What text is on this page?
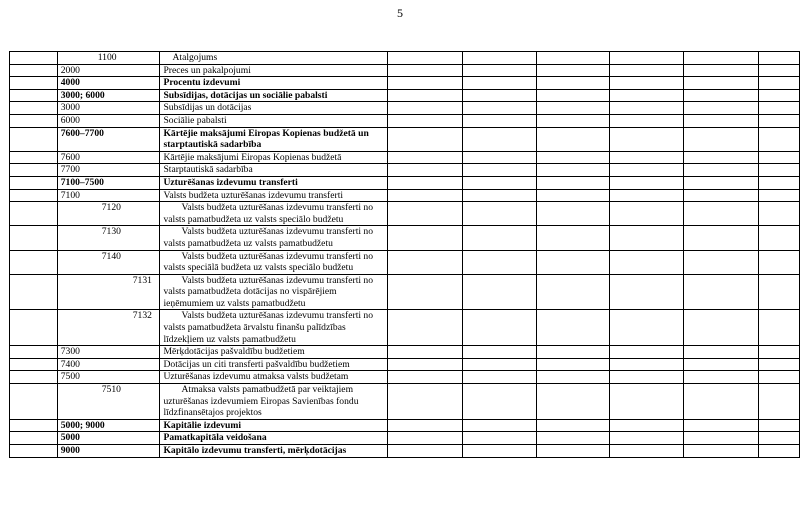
5
	1100	Atalgojums						
	2000	Preces un pakalpojumi						
	4000	Procentu izdevumi						
	3000; 6000	Subsīdijas, dotācijas un sociālie pabalsti						
	3000	Subsīdijas un dotācijas						
	6000	Sociālie pabalsti						
	7600–7700	Kārtējie maksājumi Eiropas Kopienas budžetā un starptautiskā sadarbība						
	7600	Kārtējie maksājumi Eiropas Kopienas budžetā						
	7700	Starptautiskā sadarbība						
	7100–7500	Uzturēšanas izdevumu transferti						
	7100	Valsts budžeta uzturēšanas izdevumu transferti						
	7120	Valsts budžeta uzturēšanas izdevumu transferti no valsts pamatbudžeta uz valsts speciālo budžetu						
	7130	Valsts budžeta uzturēšanas izdevumu transferti no valsts pamatbudžeta uz valsts pamatbudžetu						
	7140	Valsts budžeta uzturēšanas izdevumu transferti no valsts speciālā budžeta uz valsts speciālo budžetu						
	7131	Valsts budžeta uzturēšanas izdevumu transferti no valsts pamatbudžeta dotācijas no vispārējiem ieņēmumiem uz valsts pamatbudžetu						
	7132	Valsts budžeta uzturēšanas izdevumu transferti no valsts pamatbudžeta ārvalstu finanšu palīdzības līdzekļiem uz valsts pamatbudžetu						
	7300	Mērķdotācijas pašvaldību budžetiem						
	7400	Dotācijas un citi transferti pašvaldību budžetiem						
	7500	Uzturēšanas izdevumu atmaksa valsts budžetam						
	7510	Atmaksa valsts pamatbudžetā par veiktajiem uzturēšanas izdevumiem Eiropas Savienības fondu līdzfinansētajos projektos						
	5000; 9000	Kapitālie izdevumi						
	5000	Pamatkapitāla veidošana						
	9000	Kapitālo izdevumu transferti, mērķdotācijas						
